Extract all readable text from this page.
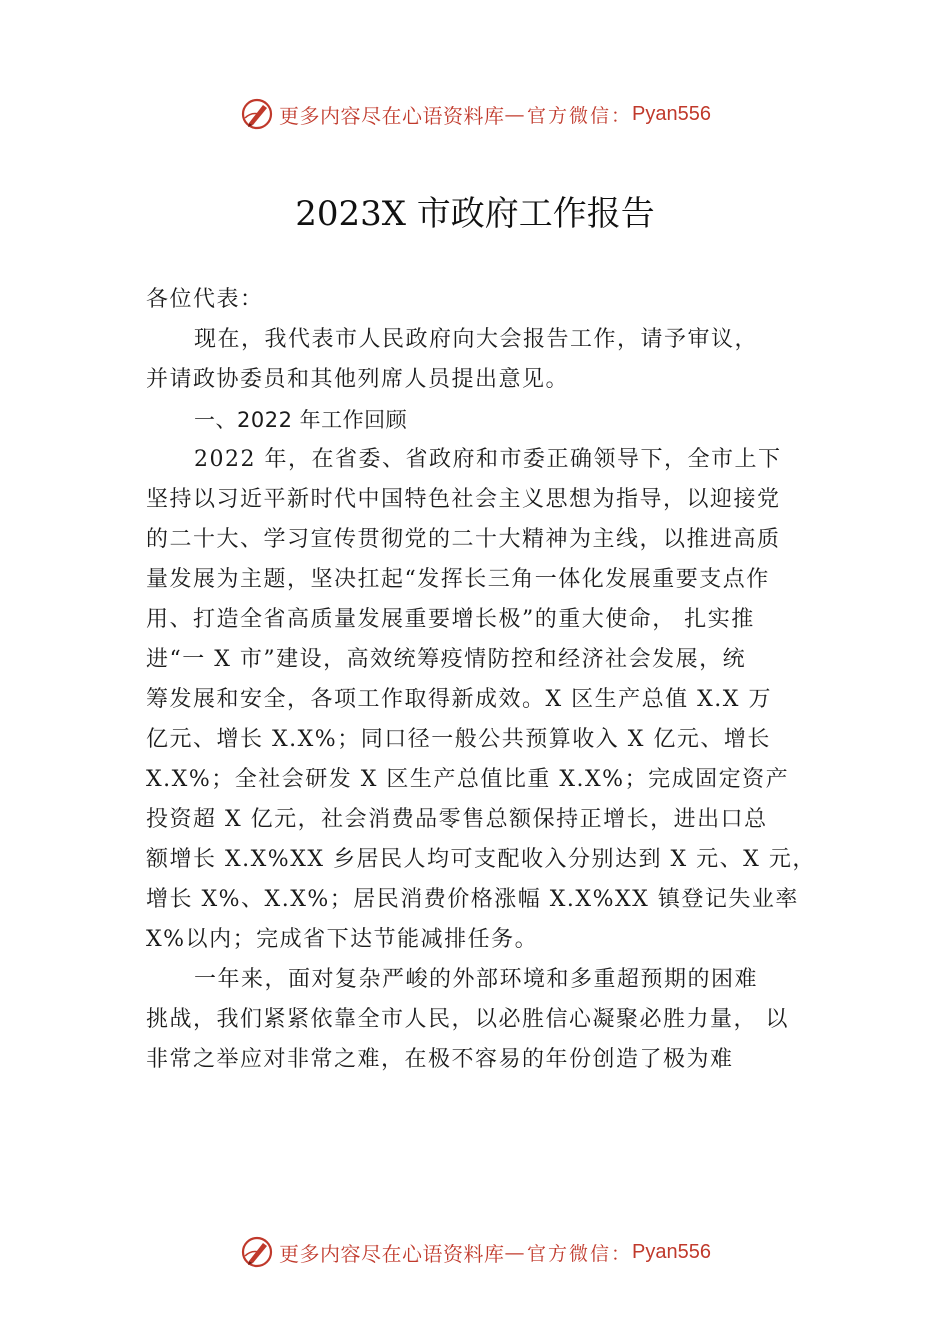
更多内容尽在心语资料库 — 官方微信： Pyan556
2023X 市政府工作报告
各位代表：
现在，我代表市人民政府向大会报告工作，请予审议，
并请政协委员和其他列席人员提出意见。
一、2022 年工作回顾
2022 年，在省委、省政府和市委正确领导下，全市上下
坚持以习近平新时代中国特色社会主义思想为指导，以迎接党
的二十大、学习宣传贯彻党的二十大精神为主线，以推进高质
量发展为主题，坚决扛起“发挥长三角一体化发展重要支点作
用、打造全省高质量发展重要增长极”的重大使命， 扎实推
进“一 X 市”建设，高效统筹疫情防控和经济社会发展，统
筹发展和安全，各项工作取得新成效。X 区生产总值 X.X 万
亿元、增长 X.X%；同口径一般公共预算收入 X 亿元、增长
X.X%；全社会研发 X 区生产总值比重 X.X%；完成固定资产
投资超 X 亿元，社会消费品零售总额保持正增长，进出口总
额增长 X.X%XX 乡居民人均可支配收入分别达到 X 元、X 元，
增长 X%、X.X%；居民消费价格涨幅 X.X%XX 镇登记失业率
X%以内；完成省下达节能减排任务。
一年来，面对复杂严峻的外部环境和多重超预期的困难
挑战，我们紧紧依靠全市人民，以必胜信心凝聚必胜力量， 以
非常之举应对非常之难，在极不容易的年份创造了极为难
更多内容尽在心语资料库 — 官方微信： Pyan556
